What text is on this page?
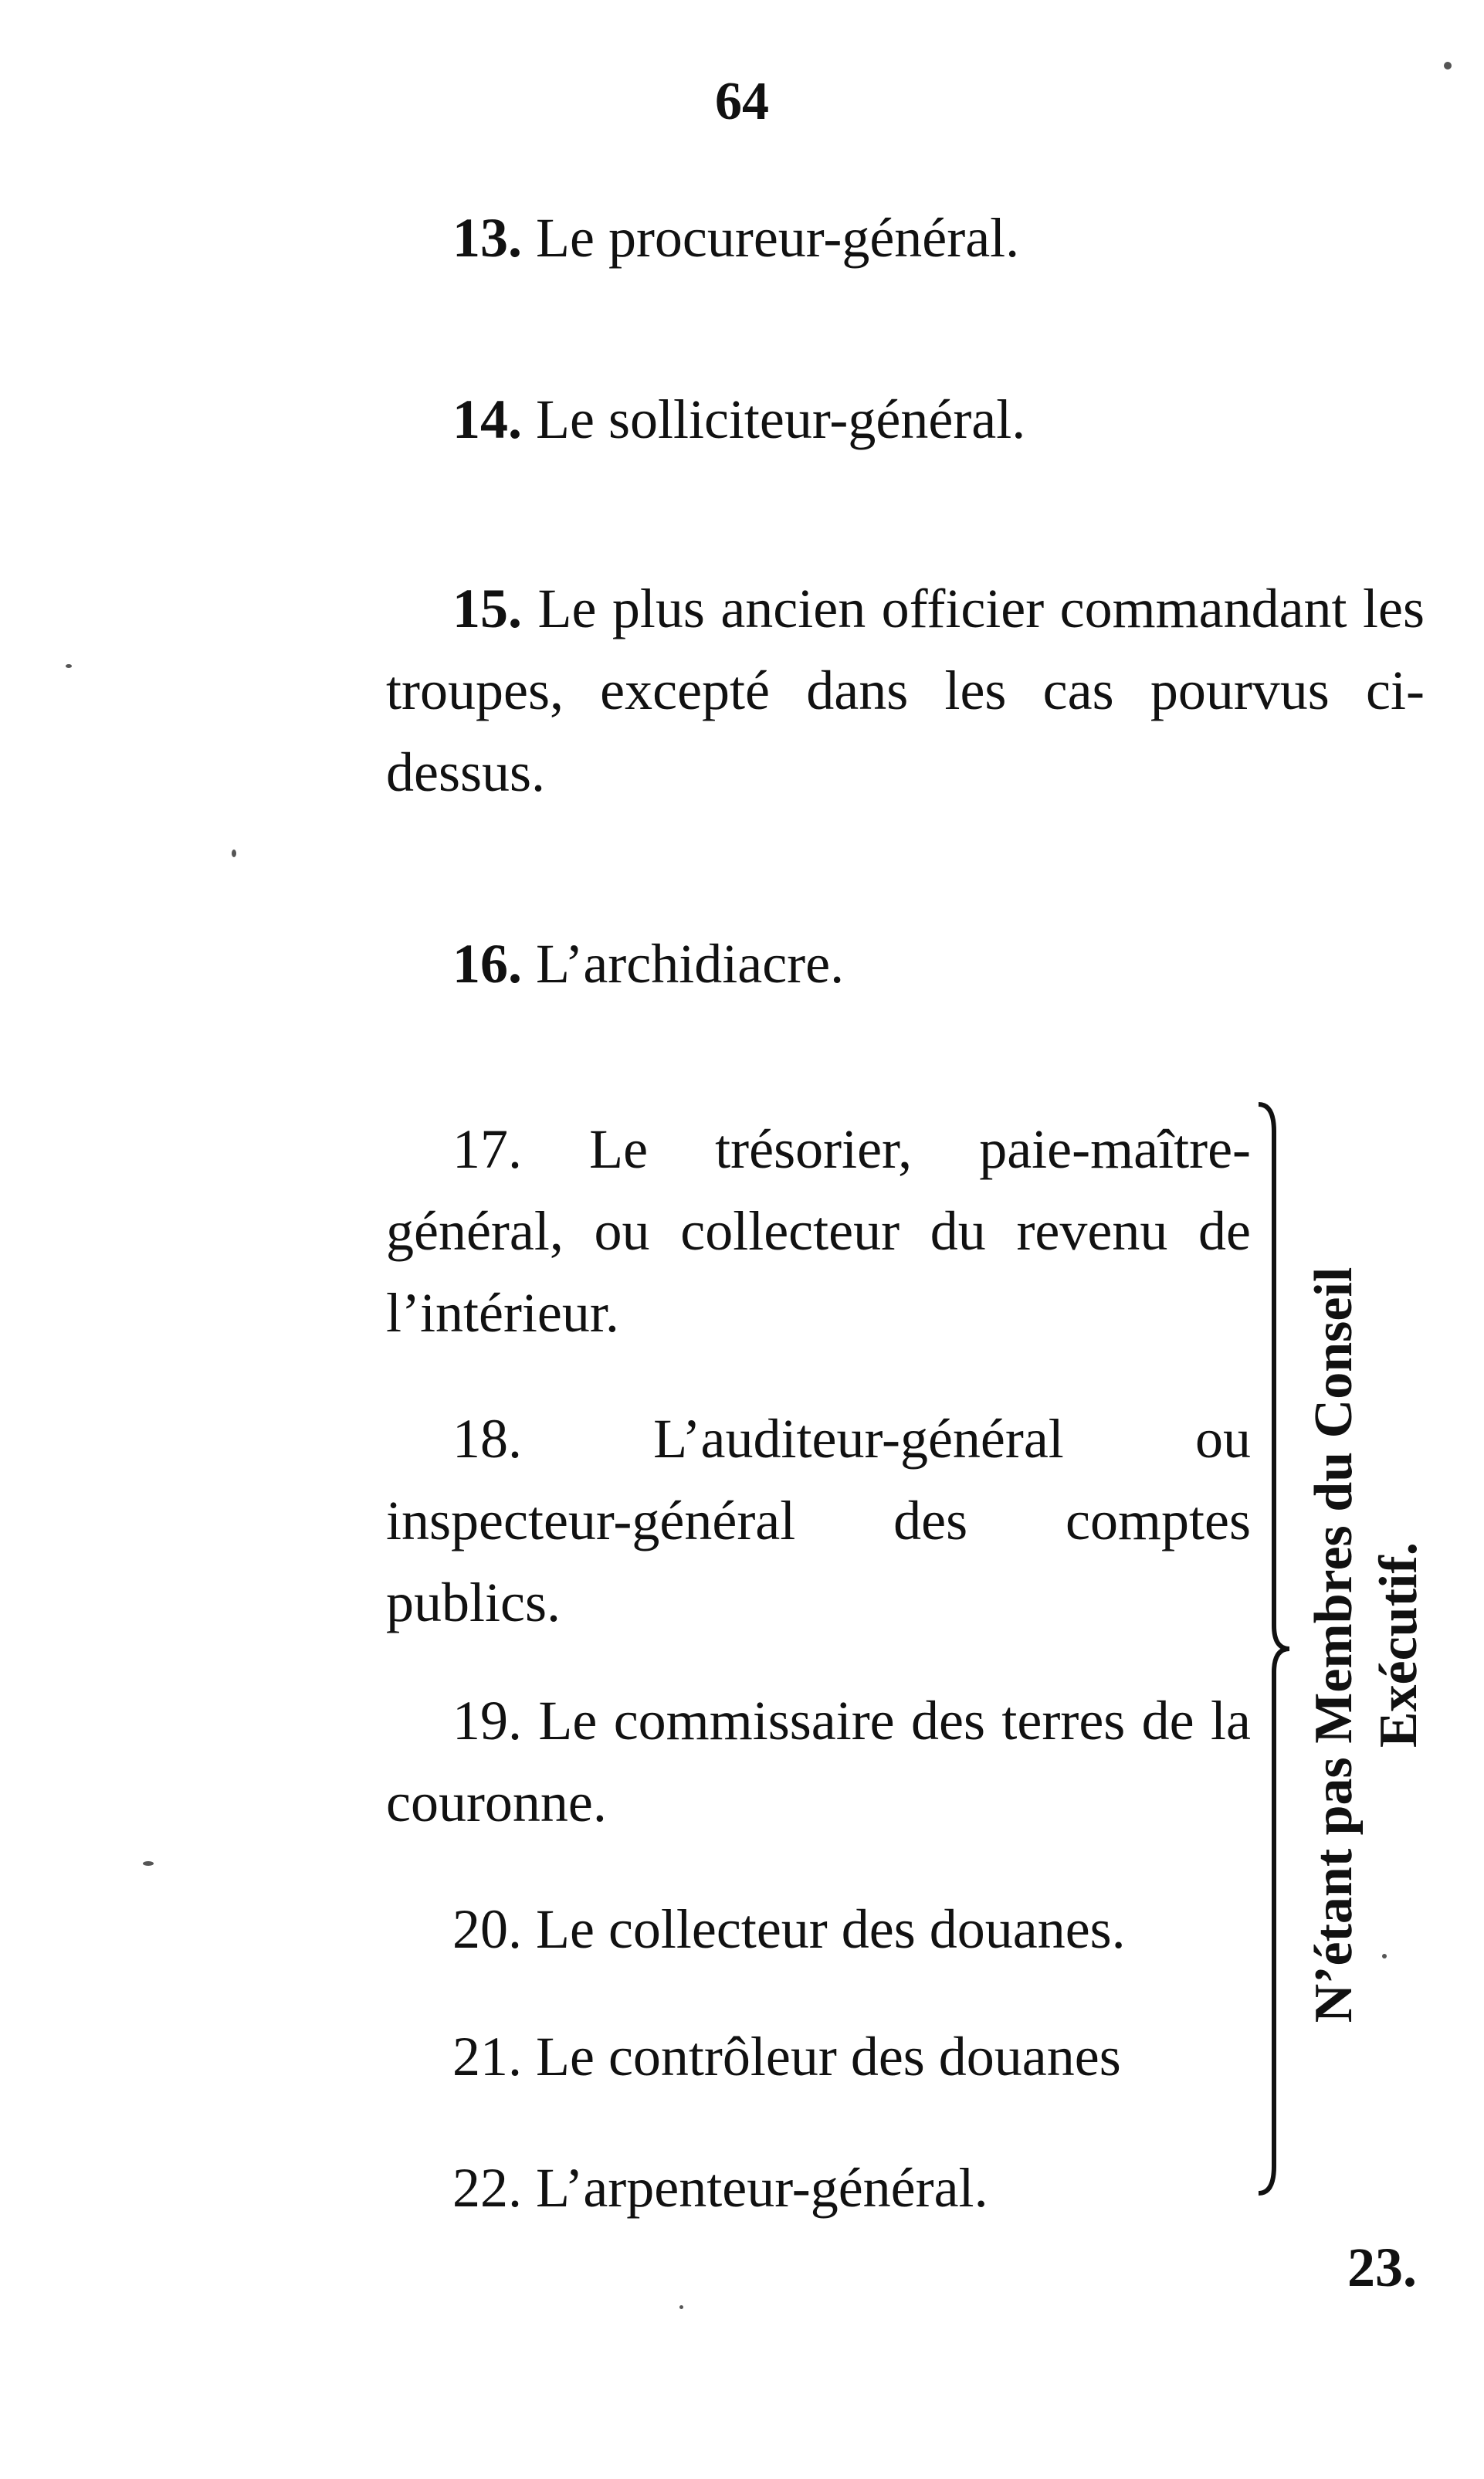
64

13. Le procureur-général.

14. Le solliciteur-général.

15. Le plus ancien officier commandant les troupes, excepté dans les cas pourvus ci-dessus.

16. L’archidiacre.

17. Le trésorier, paie-maître-général, ou collecteur du revenu de l’intérieur.

18. L’auditeur-général ou inspecteur-général des comptes publics.

19. Le commissaire des terres de la couronne.

20. Le collecteur des douanes.

21. Le contrôleur des douanes

22. L’arpenteur-général.

N’étant pas Membres du Conseil Exécutif.
23.
